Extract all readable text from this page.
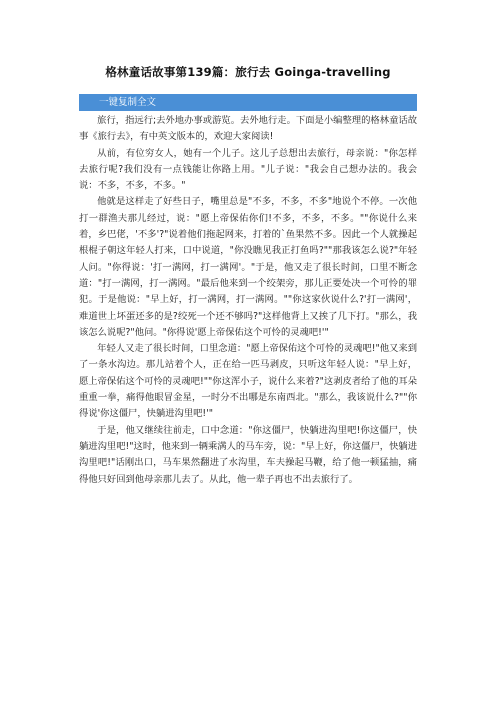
格林童话故事第139篇：旅行去 Goinga-travelling
一键复制全文

旅行，指远行;去外地办事或游览。去外地行走。下面是小编整理的格林童话故事《旅行去》，有中英文版本的，欢迎大家阅读!

从前，有位穷女人，她有一个儿子。这儿子总想出去旅行，母亲说："你怎样去旅行呢?我们没有一点钱能让你路上用。"儿子说："我会自己想办法的。我会说：不多，不多，不多。"

他就是这样走了好些日子，嘴里总是"不多，不多，不多"地说个不停。一次他打一群渔夫那儿经过，说："愿上帝保佑你们!不多，不多，不多。""你说什么来着，乡巴佬，'不多'?"说着他们拖起网来，打着的`鱼果然不多。因此一个人就操起根棍子朝这年轻人打来，口中说道，"你没瞧见我正打鱼吗?""那我该怎么说?"年轻人问。"你得说：'打一满网，打一满网'。"于是，他又走了很长时间，口里不断念道："打一满网，打一满网。"最后他来到一个绞架旁，那儿正要处决一个可怜的罪犯。于是他说："早上好，打一满网，打一满网。""你这家伙说什么?'打一满网'，难道世上坏蛋还多的是?绞死一个还不够吗?"这样他背上又挨了几下打。"那么，我该怎么说呢?"他问。"你得说'愿上帝保佑这个可怜的灵魂吧!'"

年轻人又走了很长时间，口里念道："愿上帝保佑这个可怜的灵魂吧!"他又来到了一条水沟边。那儿站着个人，正在给一匹马剥皮，只听这年轻人说："早上好，愿上帝保佑这个可怜的灵魂吧!""你这浑小子，说什么来着?"这剥皮者给了他的耳朵重重一拳，痛得他眼冒金星，一时分不出哪是东南西北。"那么，我该说什么?""你得说'你这僵尸，快躺进沟里吧!'"

于是，他又继续往前走，口中念道："你这僵尸，快躺进沟里吧!你这僵尸，快躺进沟里吧!"这时，他来到一辆乘满人的马车旁，说："早上好，你这僵尸，快躺进沟里吧!"话刚出口，马车果然翻进了水沟里，车夫操起马鞭，给了他一顿猛抽，痛得他只好回到他母亲那儿去了。从此，他一辈子再也不出去旅行了。
